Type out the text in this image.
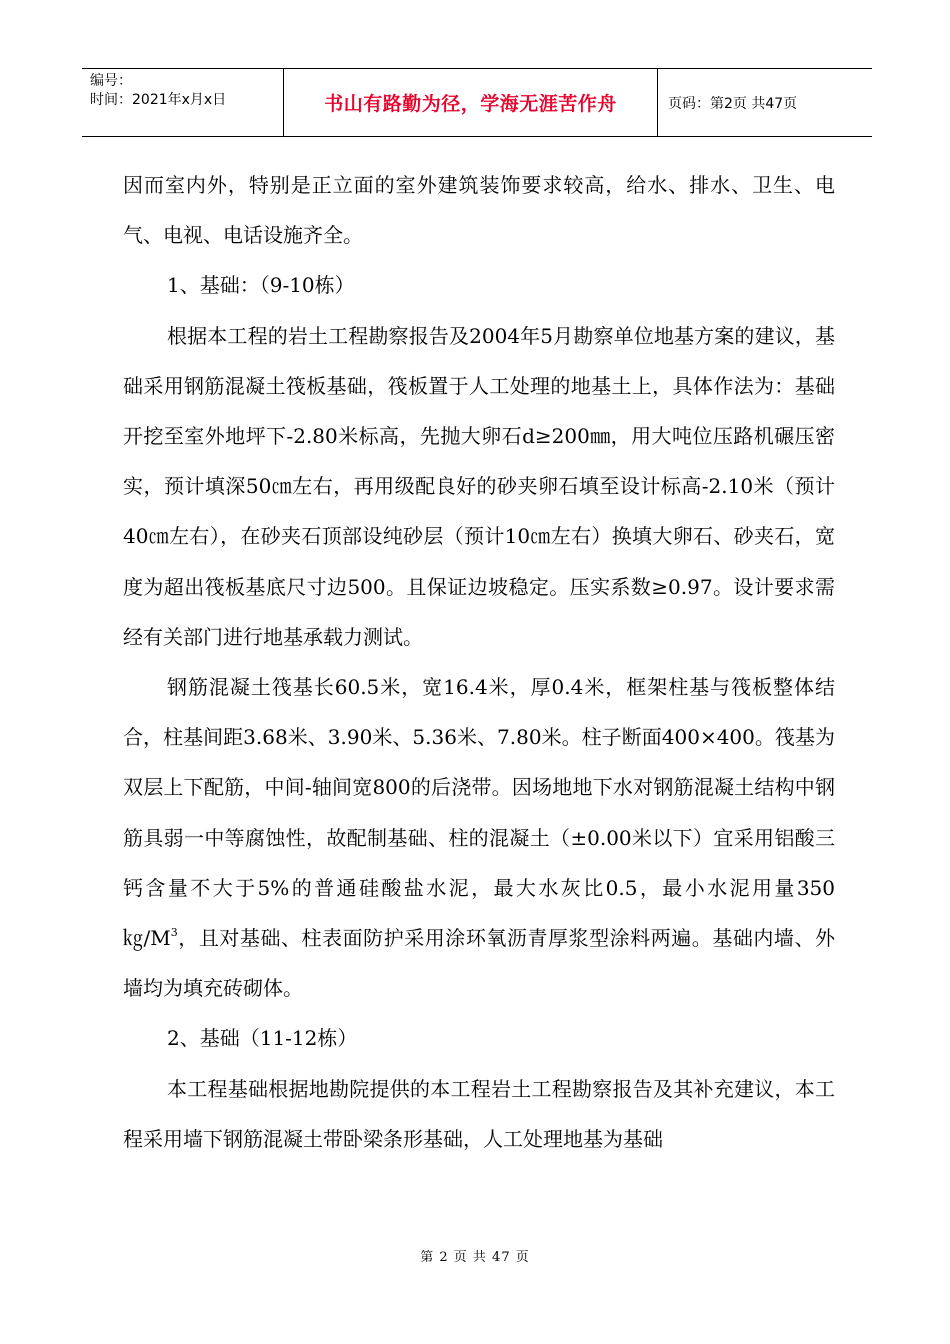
编号：
时间：2021年x月x日	书山有路勤为径，学海无涯苦作舟	页码：第2页 共47页

因而室内外，特别是正立面的室外建筑装饰要求较高，给水、排水、卫生、电气、电视、电话设施齐全。

1、基础：（9-10栋）

根据本工程的岩土工程勘察报告及2004年5月勘察单位地基方案的建议，基础采用钢筋混凝土筏板基础，筏板置于人工处理的地基土上，具体作法为：基础开挖至室外地坪下-2.80米标高，先抛大卵石d≥200㎜，用大吨位压路机碾压密实，预计填深50㎝左右，再用级配良好的砂夹卵石填至设计标高-2.10米（预计40㎝左右），在砂夹石顶部设纯砂层（预计10㎝左右）换填大卵石、砂夹石，宽度为超出筏板基底尺寸边500。且保证边坡稳定。压实系数≥0.97。设计要求需经有关部门进行地基承载力测试。

钢筋混凝土筏基长60.5米，宽16.4米，厚0.4米，框架柱基与筏板整体结合，柱基间距3.68米、3.90米、5.36米、7.80米。柱子断面400×400。筏基为双层上下配筋，中间-轴间宽800的后浇带。因场地地下水对钢筋混凝土结构中钢筋具弱一中等腐蚀性，故配制基础、柱的混凝土（±0.00米以下）宜采用铝酸三钙含量不大于5%的普通硅酸盐水泥，最大水灰比0.5，最小水泥用量$350㎏/M^3$，且对基础、柱表面防护采用涂环氧沥青厚浆型涂料两遍。基础内墙、外墙均为填充砖砌体。

2、基础（11-12栋）

本工程基础根据地勘院提供的本工程岩土工程勘察报告及其补充建议，本工程采用墙下钢筋混凝土带卧梁条形基础，人工处理地基为基础

第 2 页 共 47 页
